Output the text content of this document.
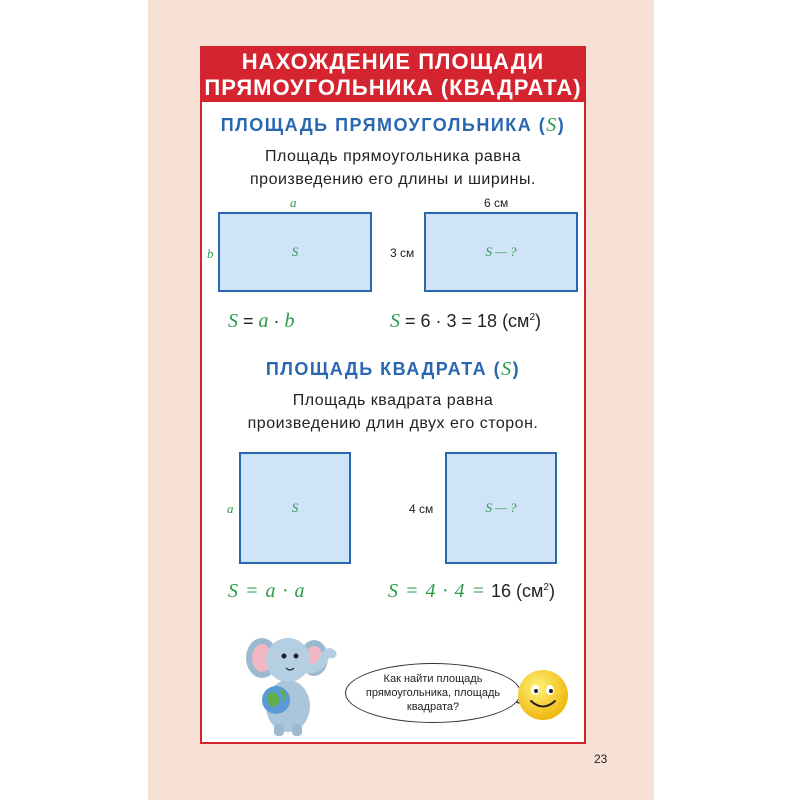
НАХОЖДЕНИЕ ПЛОЩАДИ
ПРЯМОУГОЛЬНИКА (КВАДРАТА)
ПЛОЩАДЬ ПРЯМОУГОЛЬНИКА (S)
Площадь прямоугольника равна
произведению его длины и ширины.
a
b	S
6 см
3 см	S — ?
S = a · b	S = 6 · 3 = 18 $(см^2)$
ПЛОЩАДЬ КВАДРАТА (S)
Площадь квадрата равна
произведению длин двух его сторон.
a	S	4 см	S — ?
S = a · a	S = 4 · 4 = 16 $(см^2)$
Как найти площадь прямоугольника, площадь квадрата?
23
